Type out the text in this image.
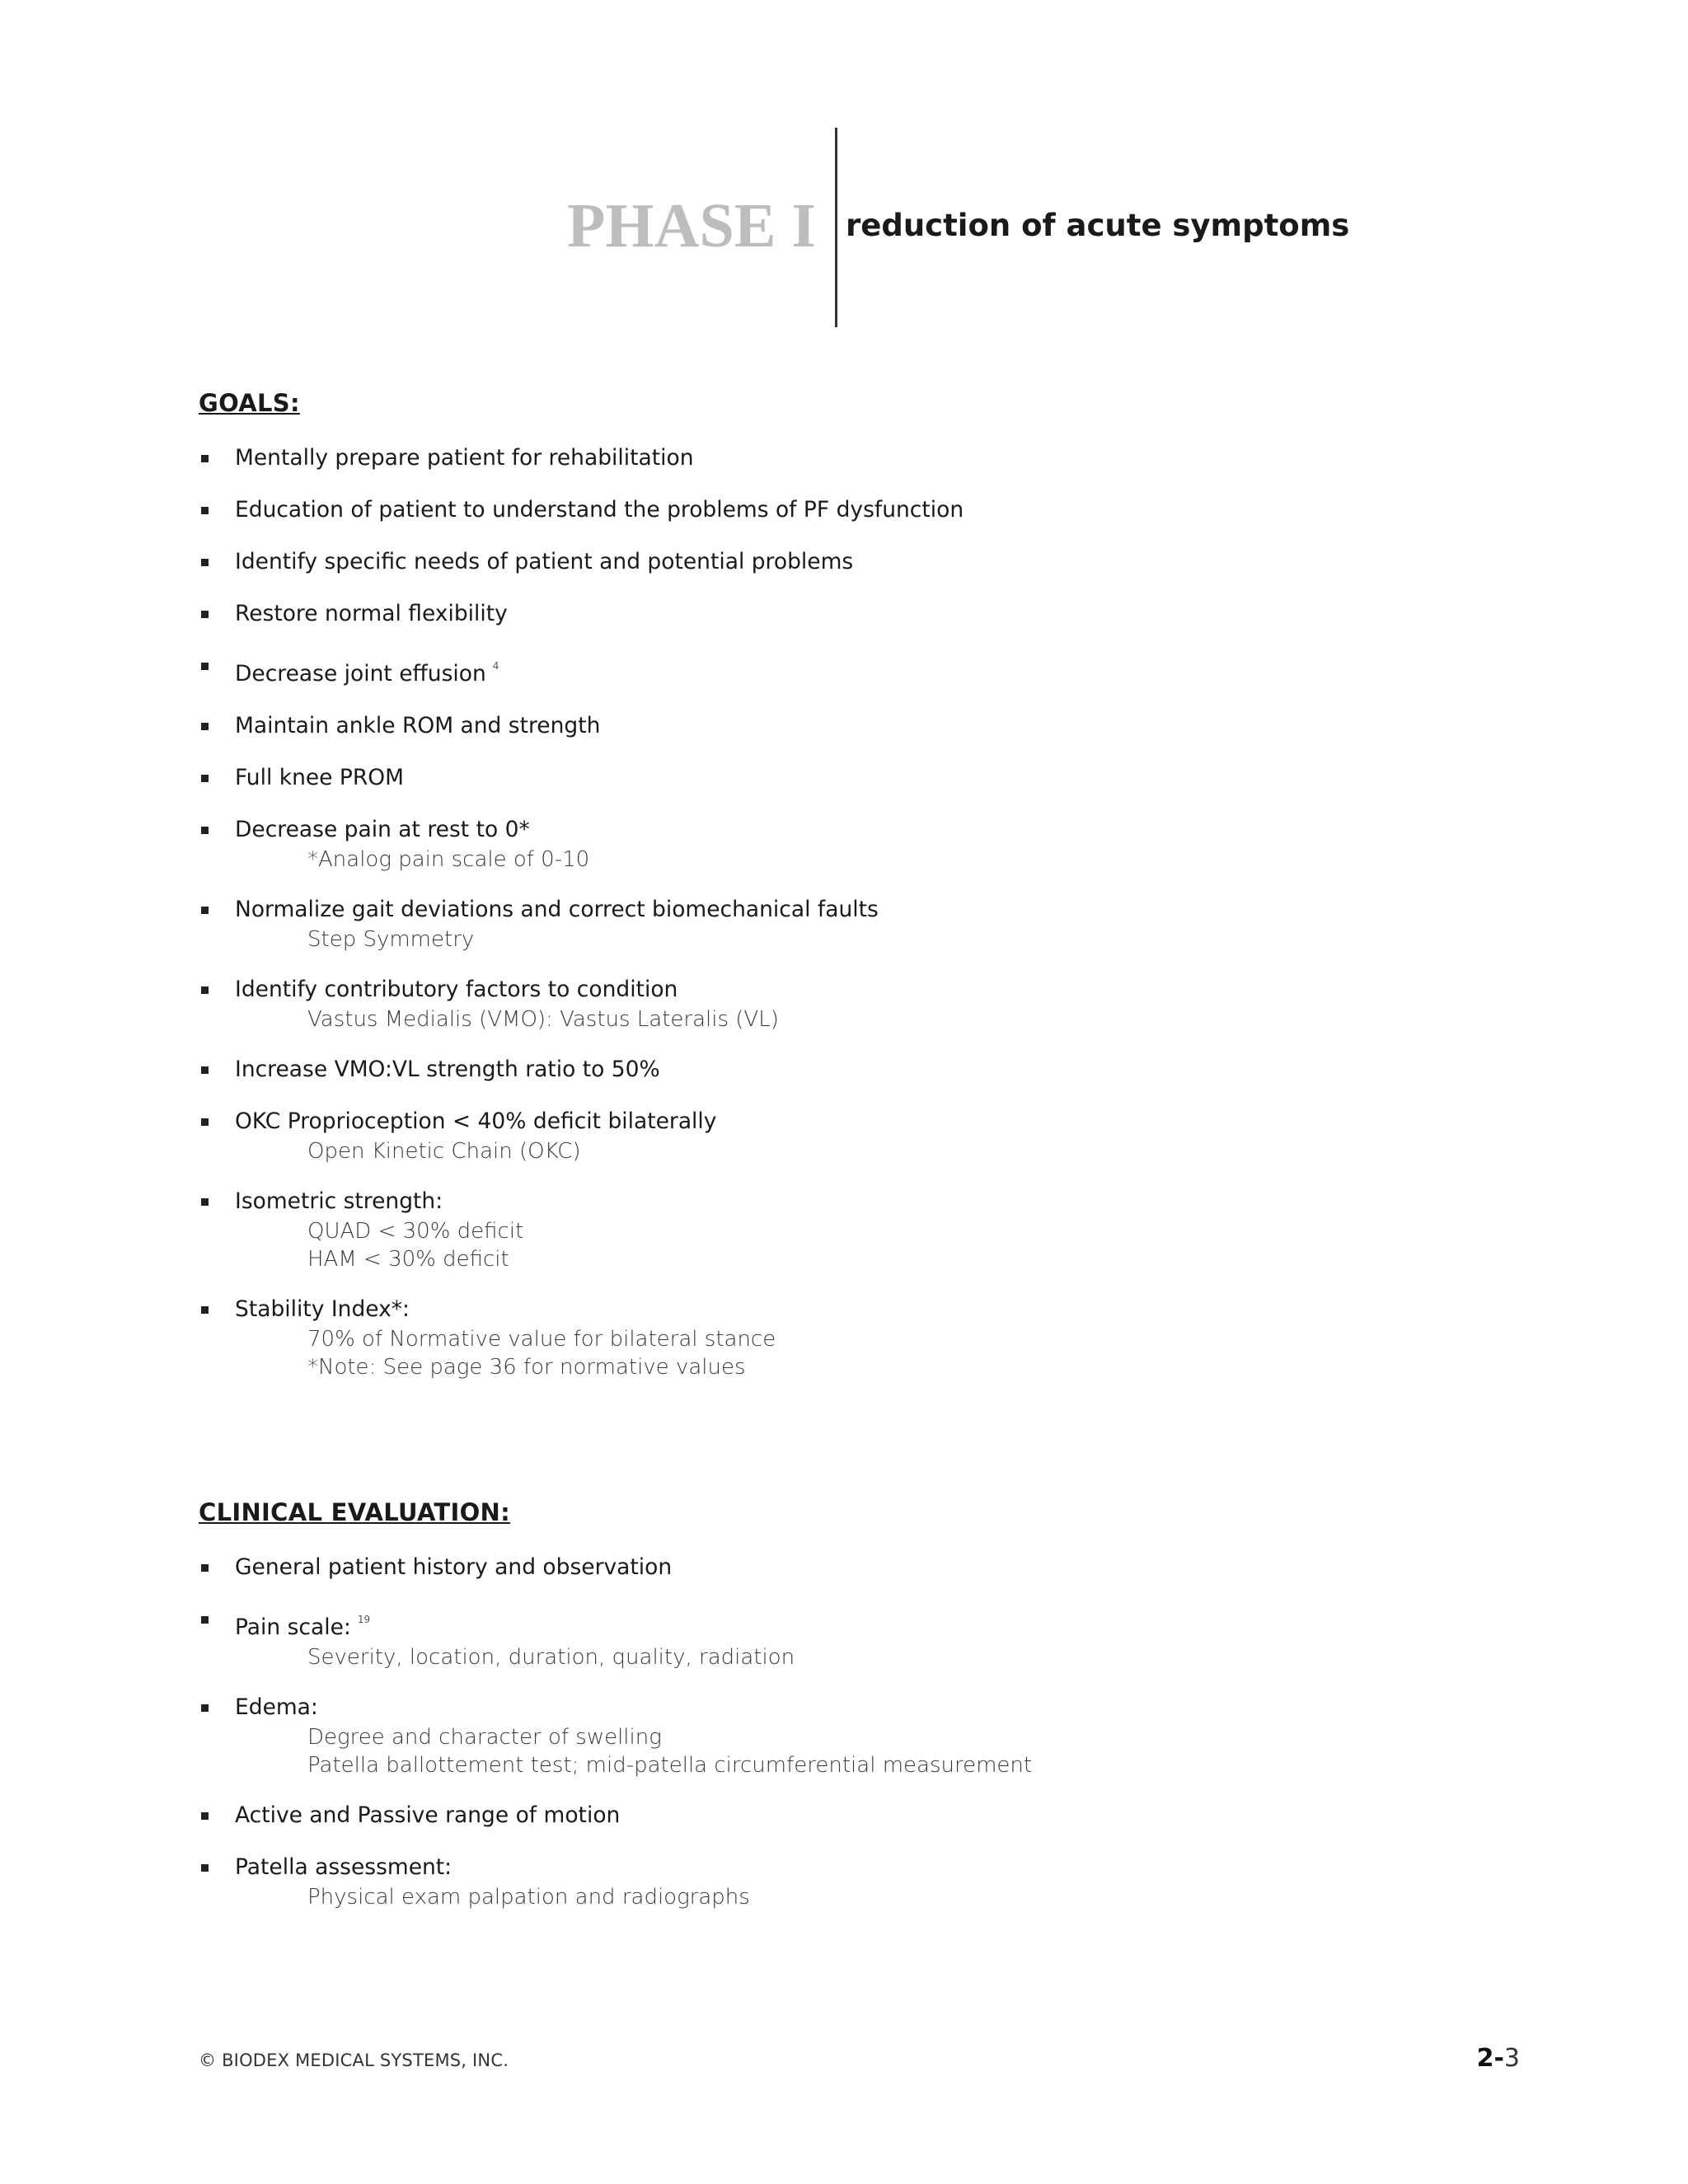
PHASE I reduction of acute symptoms
GOALS:
Mentally prepare patient for rehabilitation
Education of patient to understand the problems of PF dysfunction
Identify specific needs of patient and potential problems
Restore normal flexibility
Decrease joint effusion $^4$
Maintain ankle ROM and strength
Full knee PROM
Decrease pain at rest to 0*
*Analog pain scale of 0-10
Normalize gait deviations and correct biomechanical faults
Step Symmetry
Identify contributory factors to condition
Vastus Medialis (VMO): Vastus Lateralis (VL)
Increase VMO:VL strength ratio to 50%
OKC Proprioception < 40% deficit bilaterally
Open Kinetic Chain (OKC)
Isometric strength:
QUAD < 30% deficit
HAM < 30% deficit
Stability Index*:
70% of Normative value for bilateral stance
*Note: See page 36 for normative values
CLINICAL EVALUATION:
General patient history and observation
Pain scale: $^{19}$
Severity, location, duration, quality, radiation
Edema:
Degree and character of swelling
Patella ballottement test; mid-patella circumferential measurement
Active and Passive range of motion
Patella assessment:
Physical exam palpation and radiographs
© BIODEX MEDICAL SYSTEMS, INC.	2-3
